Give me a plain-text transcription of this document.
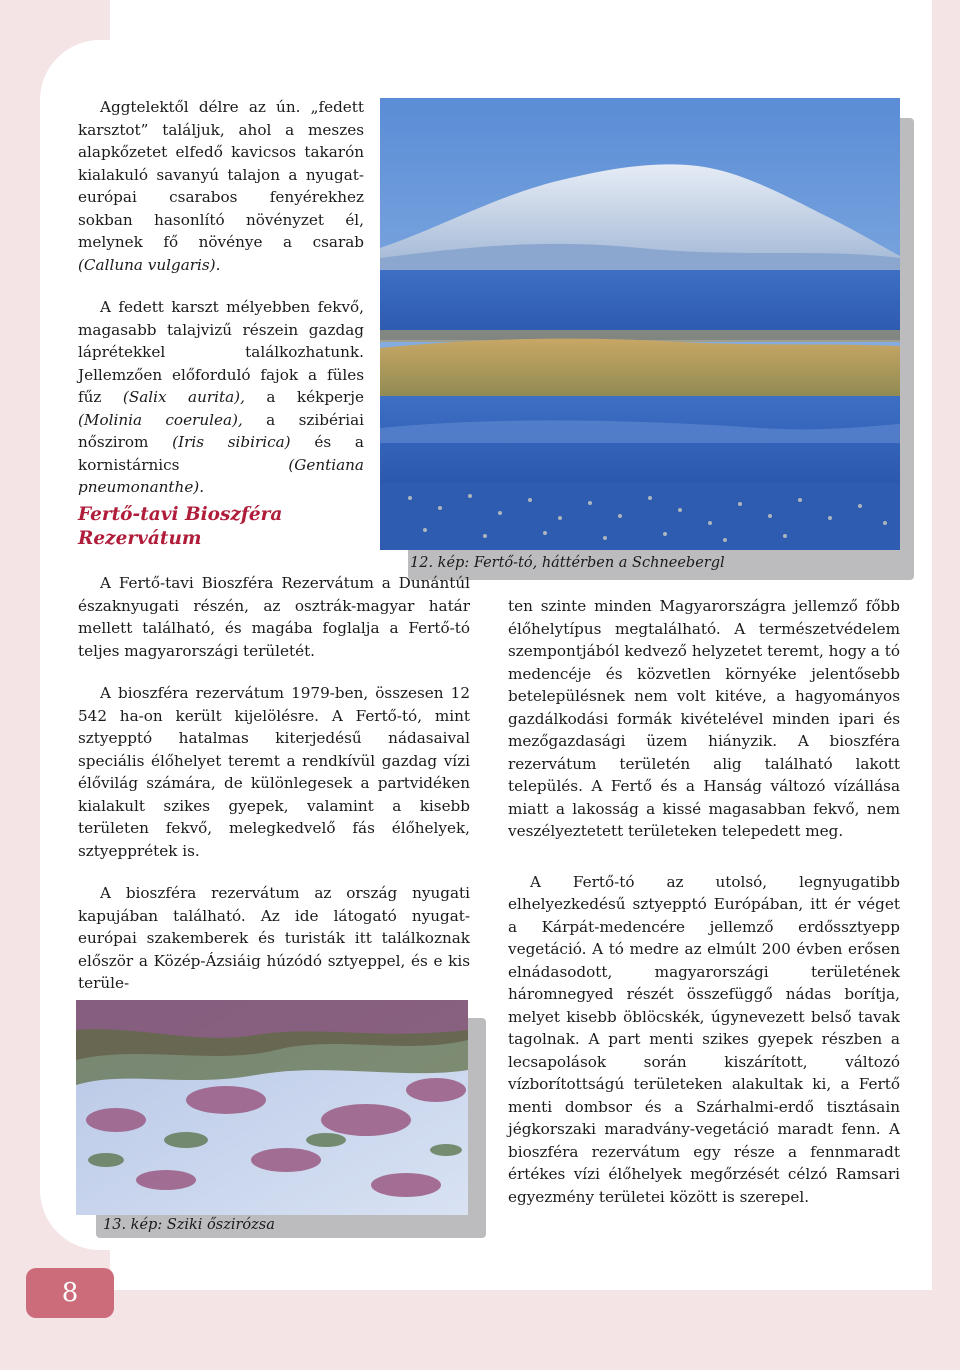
Aggtelektől délre az ún. „fedett karsztot” találjuk, ahol a meszes alapkőzetet elfedő kavicsos takarón kialakuló savanyú talajon a nyugat-európai csarabos fenyérekhez sokban hasonlító növényzet él, melynek fő növénye a csarab (Calluna vulgaris).

A fedett karszt mélyebben fekvő, magasabb talajvizű részein gazdag láprétekkel találkozhatunk. Jellemzően előforduló fajok a füles fűz (Salix aurita), a kékperje (Molinia coerulea), a szibériai nőszirom (Iris sibirica) és a kornistárnics (Gentiana pneumonanthe).

12. kép: Fertő-tó, háttérben a Schneebergl
Fertő-tavi Bioszféra Rezervátum

A Fertő-tavi Bioszféra Rezervátum a Dunántúl északnyugati részén, az osztrák-magyar határ mellett található, és magába foglalja a Fertő-tó teljes magyarországi területét.

A bioszféra rezervátum 1979-ben, összesen 12 542 ha-on került kijelölésre. A Fertő-tó, mint sztyepptó hatalmas kiterjedésű nádasaival speciális élőhelyet teremt a rendkívül gazdag vízi élővilág számára, de különlegesek a partvidéken kialakult szikes gyepek, valamint a kisebb területen fekvő, melegkedvelő fás élőhelyek, sztyepprétek is.

A bioszféra rezervátum az ország nyugati kapujában található. Az ide látogató nyugat-európai szakemberek és turisták itt találkoznak először a Közép-Ázsiáig húzódó sztyeppel, és e kis terüle-

ten szinte minden Magyarországra jellemző főbb élőhelytípus megtalálható. A természetvédelem szempontjából kedvező helyzetet teremt, hogy a tó medencéje és közvetlen környéke jelentősebb betelepülésnek nem volt kitéve, a hagyományos gazdálkodási formák kivételével minden ipari és mezőgazdasági üzem hiányzik. A bioszféra rezervátum területén alig található lakott település. A Fertő és a Hanság változó vízállása miatt a lakosság a kissé magasabban fekvő, nem veszélyeztetett területeken telepedett meg.

A Fertő-tó az utolsó, legnyugatibb elhelyezkedésű sztyepptó Európában, itt ér véget a Kárpát-medencére jellemző erdőssztyepp vegetáció. A tó medre az elmúlt 200 évben erősen elnádasodott, magyarországi területének háromnegyed részét összefüggő nádas borítja, melyet kisebb öblöcskék, úgynevezett belső tavak tagolnak. A part menti szikes gyepek részben a lecsapolások során kiszárított, változó vízborítottságú területeken alakultak ki, a Fertő menti dombsor és a Szárhalmi-erdő tisztásain jégkorszaki maradvány-vegetáció maradt fenn. A bioszféra rezervátum egy része a fennmaradt értékes vízi élőhelyek megőrzését célzó Ramsari egyezmény területei között is szerepel.

13. kép: Sziki őszirózsa
8
